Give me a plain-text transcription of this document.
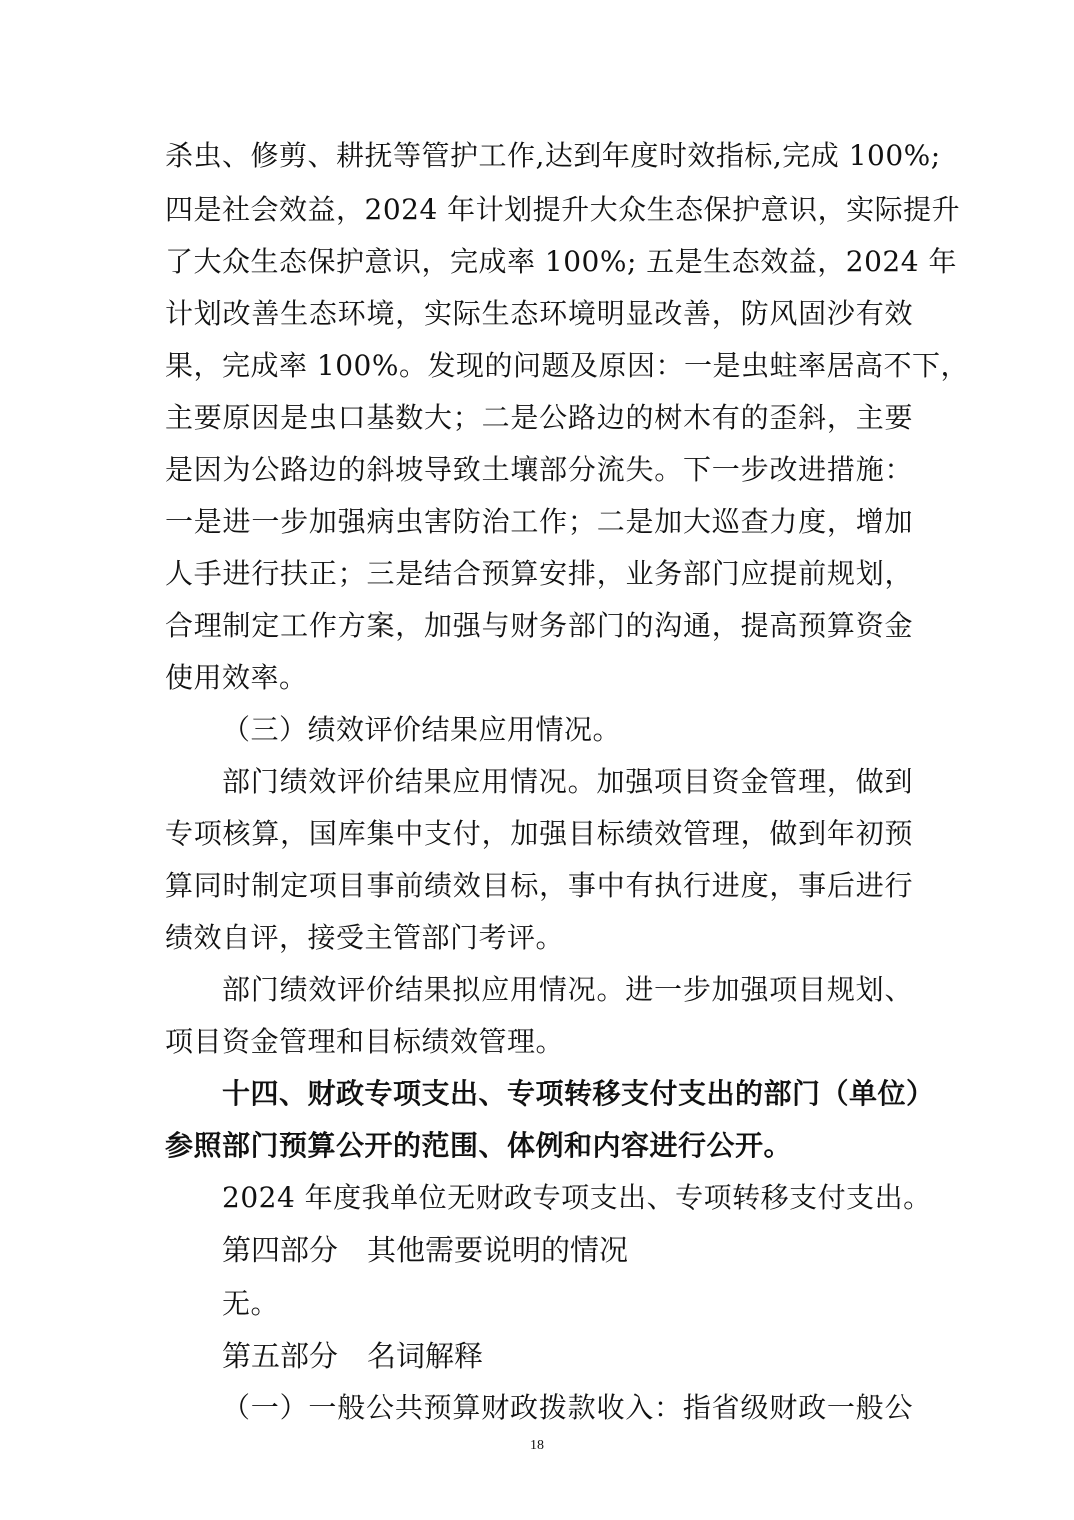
杀虫、修剪、耕抚等管护工作,达到年度时效指标,完成 100%;
四是社会效益，2024 年计划提升大众生态保护意识，实际提升
了大众生态保护意识，完成率 100%; 五是生态效益，2024 年
计划改善生态环境，实际生态环境明显改善，防风固沙有效
果，完成率 100%。发现的问题及原因：一是虫蛀率居高不下，
主要原因是虫口基数大；二是公路边的树木有的歪斜，主要
是因为公路边的斜坡导致土壤部分流失。下一步改进措施：
一是进一步加强病虫害防治工作；二是加大巡查力度，增加
人手进行扶正；三是结合预算安排，业务部门应提前规划，
合理制定工作方案，加强与财务部门的沟通，提高预算资金
使用效率。
（三）绩效评价结果应用情况。
部门绩效评价结果应用情况。加强项目资金管理，做到
专项核算，国库集中支付，加强目标绩效管理，做到年初预
算同时制定项目事前绩效目标，事中有执行进度，事后进行
绩效自评，接受主管部门考评。
部门绩效评价结果拟应用情况。进一步加强项目规划、
项目资金管理和目标绩效管理。
十四、财政专项支出、专项转移支付支出的部门（单位）
参照部门预算公开的范围、体例和内容进行公开。
2024 年度我单位无财政专项支出、专项转移支付支出。
第四部分　其他需要说明的情况
无。
第五部分　名词解释
（一）一般公共预算财政拨款收入：指省级财政一般公
18
